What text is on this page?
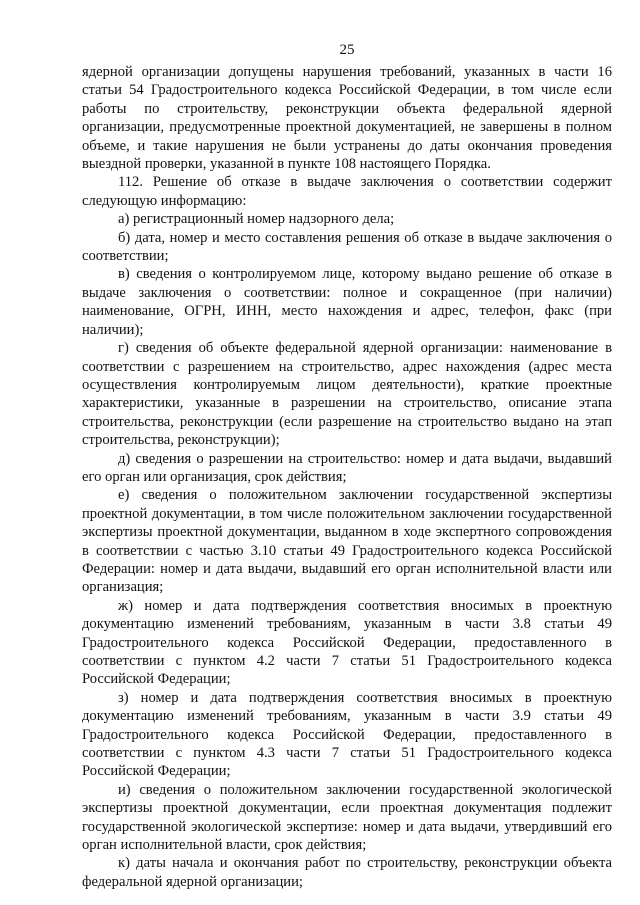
25

ядерной организации допущены нарушения требований, указанных в части 16 статьи 54 Градостроительного кодекса Российской Федерации, в том числе если работы по строительству, реконструкции объекта федеральной ядерной организации, предусмотренные проектной документацией, не завершены в полном объеме, и такие нарушения не были устранены до даты окончания проведения выездной проверки, указанной в пункте 108 настоящего Порядка.

112. Решение об отказе в выдаче заключения о соответствии содержит следующую информацию:

а) регистрационный номер надзорного дела;

б) дата, номер и место составления решения об отказе в выдаче заключения о соответствии;

в) сведения о контролируемом лице, которому выдано решение об отказе в выдаче заключения о соответствии: полное и сокращенное (при наличии) наименование, ОГРН, ИНН, место нахождения и адрес, телефон, факс (при наличии);

г) сведения об объекте федеральной ядерной организации: наименование в соответствии с разрешением на строительство, адрес нахождения (адрес места осуществления контролируемым лицом деятельности), краткие проектные характеристики, указанные в разрешении на строительство, описание этапа строительства, реконструкции (если разрешение на строительство выдано на этап строительства, реконструкции);

д) сведения о разрешении на строительство: номер и дата выдачи, выдавший его орган или организация, срок действия;

е) сведения о положительном заключении государственной экспертизы проектной документации, в том числе положительном заключении государственной экспертизы проектной документации, выданном в ходе экспертного сопровождения в соответствии с частью 3.10 статьи 49 Градостроительного кодекса Российской Федерации: номер и дата выдачи, выдавший его орган исполнительной власти или организация;

ж) номер и дата подтверждения соответствия вносимых в проектную документацию изменений требованиям, указанным в части 3.8 статьи 49 Градостроительного кодекса Российской Федерации, предоставленного в соответствии с пунктом 4.2 части 7 статьи 51 Градостроительного кодекса Российской Федерации;

з) номер и дата подтверждения соответствия вносимых в проектную документацию изменений требованиям, указанным в части 3.9 статьи 49 Градостроительного кодекса Российской Федерации, предоставленного в соответствии с пунктом 4.3 части 7 статьи 51 Градостроительного кодекса Российской Федерации;

и) сведения о положительном заключении государственной экологической экспертизы проектной документации, если проектная документация подлежит государственной экологической экспертизе: номер и дата выдачи, утвердивший его орган исполнительной власти, срок действия;

к) даты начала и окончания работ по строительству, реконструкции объекта федеральной ядерной организации;
